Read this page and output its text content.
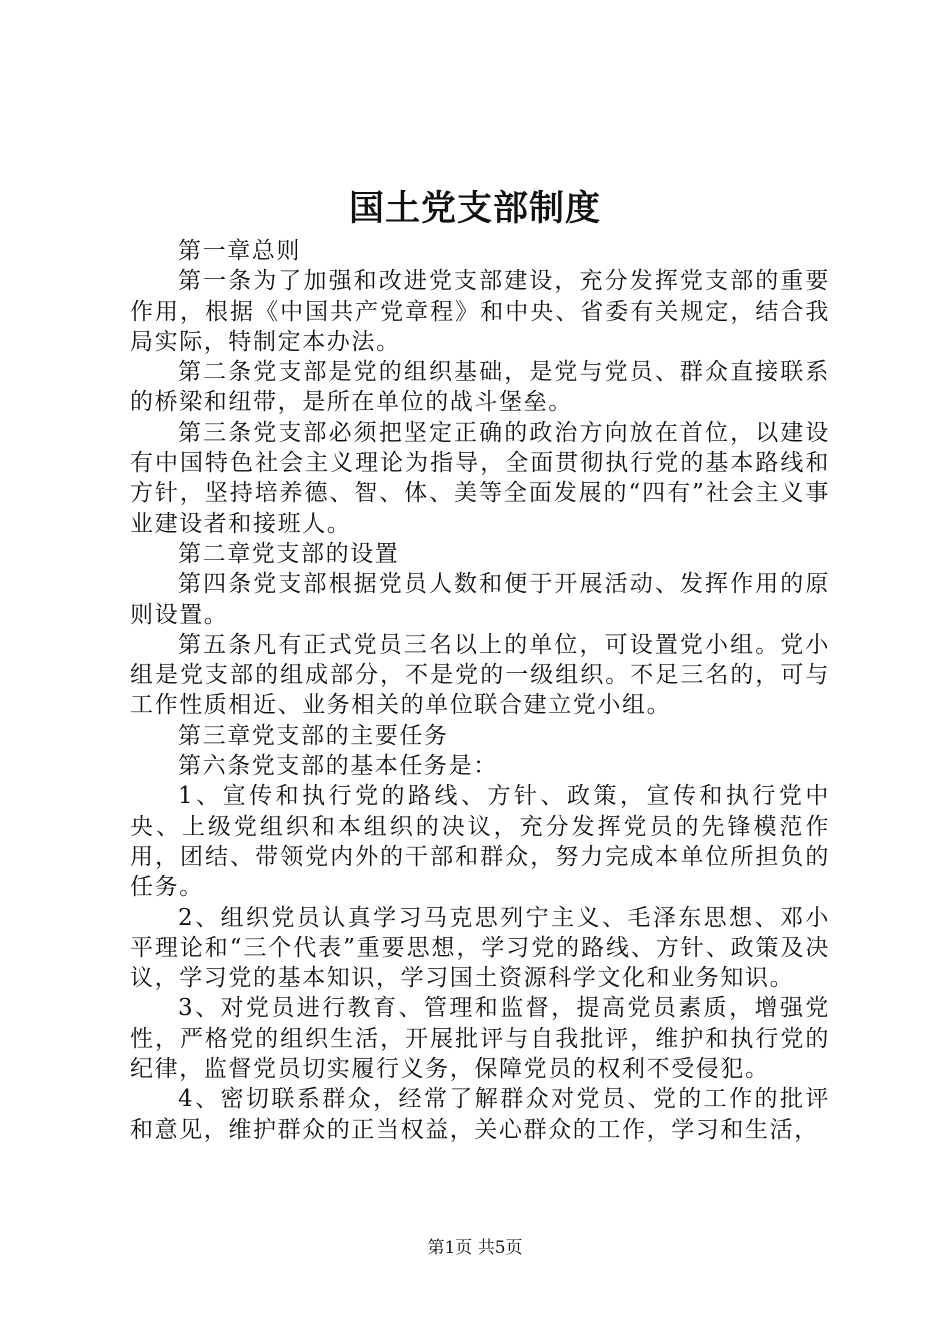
国土党支部制度

第一章总则

第一条为了加强和改进党支部建设，充分发挥党支部的重要作用，根据《中国共产党章程》和中央、省委有关规定，结合我局实际，特制定本办法。

第二条党支部是党的组织基础，是党与党员、群众直接联系的桥梁和纽带，是所在单位的战斗堡垒。

第三条党支部必须把坚定正确的政治方向放在首位，以建设有中国特色社会主义理论为指导，全面贯彻执行党的基本路线和方针，坚持培养德、智、体、美等全面发展的“四有”社会主义事业建设者和接班人。

第二章党支部的设置

第四条党支部根据党员人数和便于开展活动、发挥作用的原则设置。

第五条凡有正式党员三名以上的单位，可设置党小组。党小组是党支部的组成部分，不是党的一级组织。不足三名的，可与工作性质相近、业务相关的单位联合建立党小组。

第三章党支部的主要任务

第六条党支部的基本任务是：

1、宣传和执行党的路线、方针、政策，宣传和执行党中央、上级党组织和本组织的决议，充分发挥党员的先锋模范作用，团结、带领党内外的干部和群众，努力完成本单位所担负的任务。

2、组织党员认真学习马克思列宁主义、毛泽东思想、邓小平理论和“三个代表”重要思想，学习党的路线、方针、政策及决议，学习党的基本知识，学习国土资源科学文化和业务知识。

3、对党员进行教育、管理和监督，提高党员素质，增强党性，严格党的组织生活，开展批评与自我批评，维护和执行党的纪律，监督党员切实履行义务，保障党员的权利不受侵犯。

4、密切联系群众，经常了解群众对党员、党的工作的批评和意见，维护群众的正当权益，关心群众的工作，学习和生活，

第1页 共5页
